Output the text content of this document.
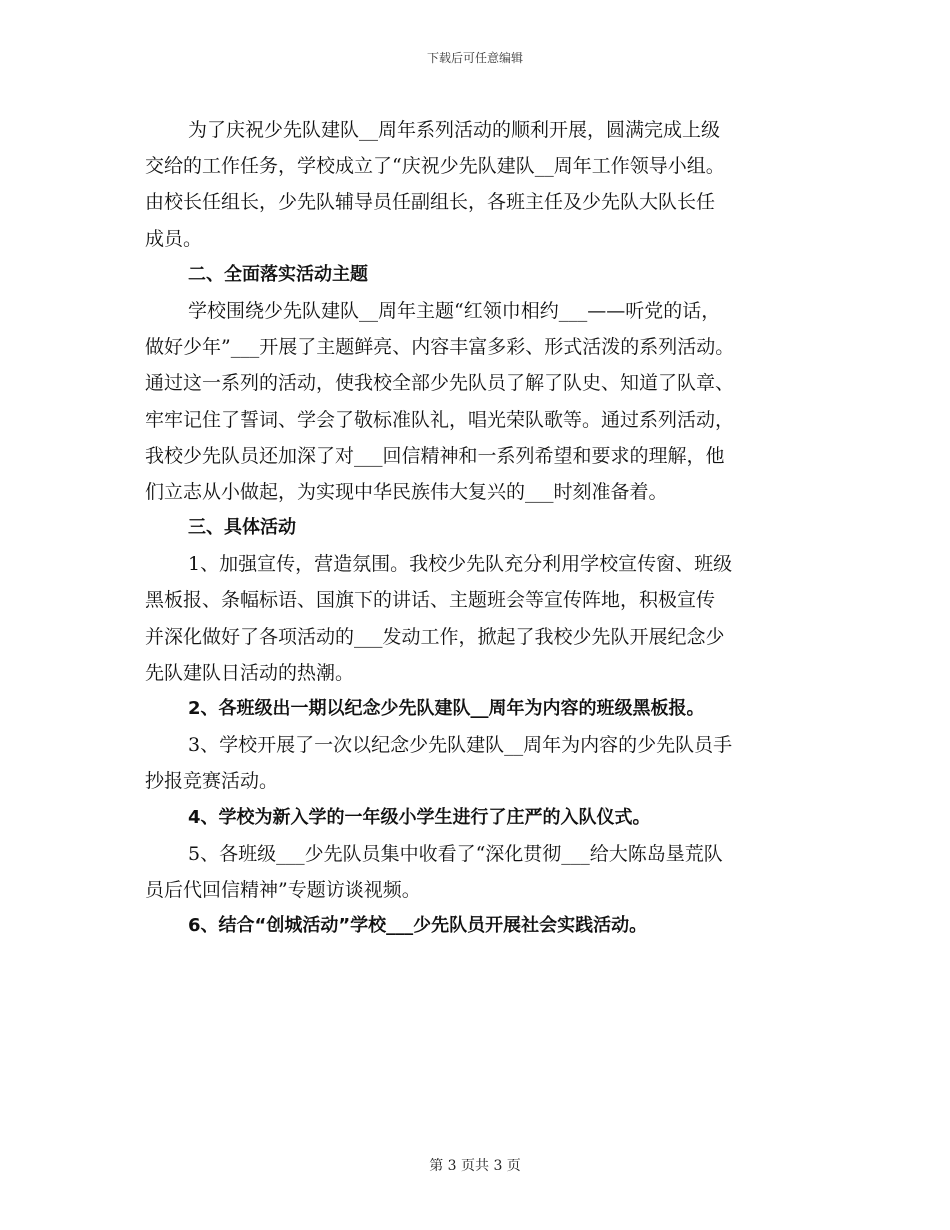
下载后可任意编辑
为了庆祝少先队建队__周年系列活动的顺利开展，圆满完成上级
交给的工作任务，学校成立了“庆祝少先队建队__周年工作领导小组。
由校长任组长，少先队辅导员任副组长，各班主任及少先队大队长任
成员。
二、全面落实活动主题
学校围绕少先队建队__周年主题“红领巾相约___——听党的话，
做好少年”___开展了主题鲜亮、内容丰富多彩、形式活泼的系列活动。
通过这一系列的活动，使我校全部少先队员了解了队史、知道了队章、
牢牢记住了誓词、学会了敬标准队礼，唱光荣队歌等。通过系列活动，
我校少先队员还加深了对___回信精神和一系列希望和要求的理解，他
们立志从小做起，为实现中华民族伟大复兴的___时刻准备着。
三、具体活动
1、加强宣传，营造氛围。我校少先队充分利用学校宣传窗、班级
黑板报、条幅标语、国旗下的讲话、主题班会等宣传阵地，积极宣传
并深化做好了各项活动的___发动工作，掀起了我校少先队开展纪念少
先队建队日活动的热潮。
2、各班级出一期以纪念少先队建队__周年为内容的班级黑板报。
3、学校开展了一次以纪念少先队建队__周年为内容的少先队员手
抄报竞赛活动。
4、学校为新入学的一年级小学生进行了庄严的入队仪式。
5、各班级___少先队员集中收看了“深化贯彻___给大陈岛垦荒队
员后代回信精神”专题访谈视频。
6、结合“创城活动”学校___少先队员开展社会实践活动。
第 3 页共 3 页
